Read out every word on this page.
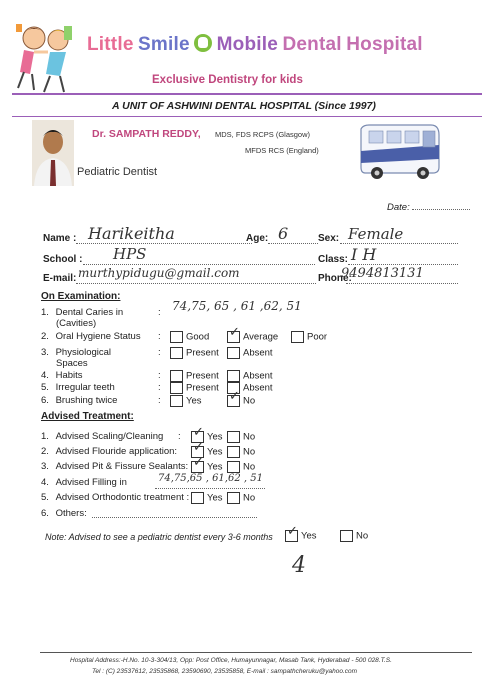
Little Smile Mobile Dental Hospital
Exclusive Dentistry for kids
A UNIT OF ASHWINI DENTAL HOSPITAL (Since 1997)
Dr. SAMPATH REDDY, MDS, FDS RCPS (Glasgow)
MFDS RCS (England)
Pediatric Dentist
Date:
Name : Harikeitha	Age: 6	Sex: Female
School : HPS	Class: I H
E-mail: murthypidugu@gmail.com	Phone:
9494813131
On Examination:
1. Dental Caries in
(Cavities)
: 74,75, 65 , 61 ,62, 51
2. Oral Hygiene Status :	Good ✓	Average	Poor
3. Physiological
Spaces
:	Present	Absent
4. Habits	:	Present	Absent
5. Irregular teeth	:	Present	Absent
6. Brushing twice	:	Yes ✓	No
Advised Treatment:
1. Advised Scaling/Cleaning : ✓	Yes	No
2. Advised Flouride application: ✓	Yes	No
3. Advised Pit & Fissure Sealants: ✓	Yes	No
4. Advised Filling in	74,75,65 , 61,62 , 51
5. Advised Orthodontic treatment :	Yes	No
6. Others:
Note: Advised to see a pediatric dentist every 3-6 months ✓	Yes	No
4
Hospital Address:-H.No. 10-3-304/13, Opp: Post Office, Humayunnagar, Masab Tank, Hyderabad - 500 028.T.S.
Tel : (C) 23537612, 23535868, 23590690, 23535858, E-mail : sampathcheruku@yahoo.com
